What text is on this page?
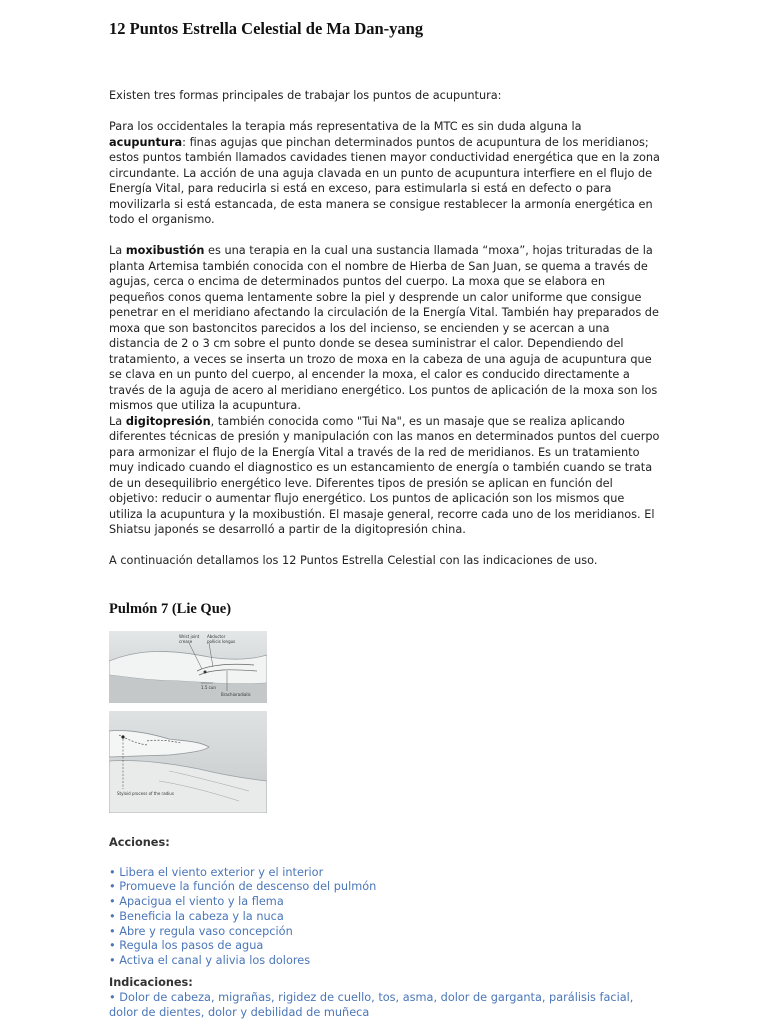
12 Puntos Estrella Celestial de Ma Dan-yang

Existen tres formas principales de trabajar los puntos de acupuntura:

Para los occidentales la terapia más representativa de la MTC es sin duda alguna la acupuntura: finas agujas que pinchan determinados puntos de acupuntura de los meridianos; estos puntos también llamados cavidades tienen mayor conductividad energética que en la zona circundante. La acción de una aguja clavada en un punto de acupuntura interfiere en el flujo de Energía Vital, para reducirla si está en exceso, para estimularla si está en defecto o para movilizarla si está estancada, de esta manera se consigue restablecer la armonía energética en todo el organismo.

La moxibustión es una terapia en la cual una sustancia llamada “moxa”, hojas trituradas de la planta Artemisa también conocida con el nombre de Hierba de San Juan, se quema a través de agujas, cerca o encima de determinados puntos del cuerpo. La moxa que se elabora en pequeños conos quema lentamente sobre la piel y desprende un calor uniforme que consigue penetrar en el meridiano afectando la circulación de la Energía Vital. También hay preparados de moxa que son bastoncitos parecidos a los del incienso, se encienden y se acercan a una distancia de 2 o 3 cm sobre el punto donde se desea suministrar el calor. Dependiendo del tratamiento, a veces se inserta un trozo de moxa en la cabeza de una aguja de acupuntura que se clava en un punto del cuerpo, al encender la moxa, el calor es conducido directamente a través de la aguja de acero al meridiano energético. Los puntos de aplicación de la moxa son los mismos que utiliza la acupuntura.

La digitopresión, también conocida como "Tui Na", es un masaje que se realiza aplicando diferentes técnicas de presión y manipulación con las manos en determinados puntos del cuerpo para armonizar el flujo de la Energía Vital a través de la red de meridianos. Es un tratamiento muy indicado cuando el diagnostico es un estancamiento de energía o también cuando se trata de un desequilibrio energético leve. Diferentes tipos de presión se aplican en función del objetivo: reducir o aumentar flujo energético. Los puntos de aplicación son los mismos que utiliza la acupuntura y la moxibustión. El masaje general, recorre cada uno de los meridianos. El Shiatsu japonés se desarrolló a partir de la digitopresión china.

A continuación detallamos los 12 Puntos Estrella Celestial con las indicaciones de uso.

Pulmón 7 (Lie Que)
Wrist joint crease
Abductor pollicis longus
1.5 cun
Brachioradialis
Styloid process of the radius
Acciones:
• Libera el viento exterior y el interior
• Promueve la función de descenso del pulmón
• Apacigua el viento y la flema
• Beneficia la cabeza y la nuca
• Abre y regula vaso concepción
• Regula los pasos de agua
• Activa el canal y alivia los dolores
Indicaciones:

• Dolor de cabeza, migrañas, rigidez de cuello, tos, asma, dolor de garganta, parálisis facial, dolor de dientes, dolor y debilidad de muñeca
